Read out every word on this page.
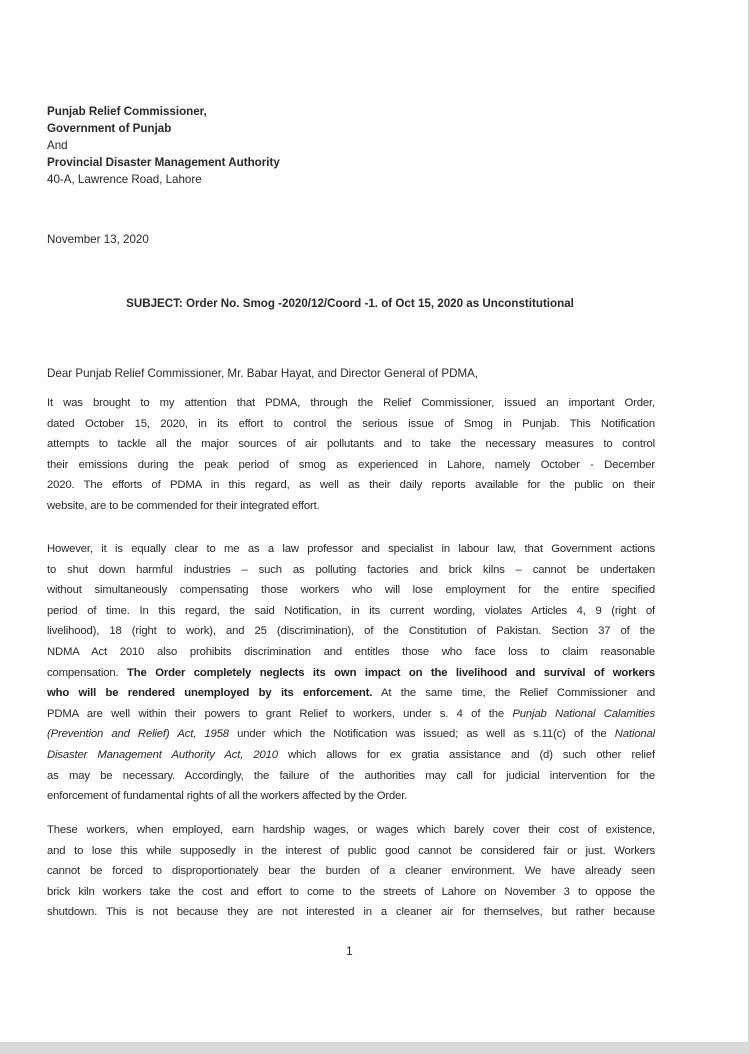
Punjab Relief Commissioner,
Government of Punjab
And
Provincial Disaster Management Authority
40-A, Lawrence Road, Lahore
November 13, 2020
SUBJECT: Order No. Smog -2020/12/Coord -1. of Oct 15, 2020 as Unconstitutional
Dear Punjab Relief Commissioner, Mr. Babar Hayat, and Director General of PDMA,
It was brought to my attention that PDMA, through the Relief Commissioner, issued an important Order,
dated October 15, 2020, in its effort to control the serious issue of Smog in Punjab. This Notification
attempts to tackle all the major sources of air pollutants and to take the necessary measures to control
their emissions during the peak period of smog as experienced in Lahore, namely October - December
2020. The efforts of PDMA in this regard, as well as their daily reports available for the public on their
website, are to be commended for their integrated effort.
However, it is equally clear to me as a law professor and specialist in labour law, that Government actions
to shut down harmful industries – such as polluting factories and brick kilns – cannot be undertaken
without simultaneously compensating those workers who will lose employment for the entire specified
period of time. In this regard, the said Notification, in its current wording, violates Articles 4, 9 (right of
livelihood), 18 (right to work), and 25 (discrimination), of the Constitution of Pakistan. Section 37 of the
NDMA Act 2010 also prohibits discrimination and entitles those who face loss to claim reasonable
compensation. The Order completely neglects its own impact on the livelihood and survival of workers
who will be rendered unemployed by its enforcement. At the same time, the Relief Commissioner and
PDMA are well within their powers to grant Relief to workers, under s. 4 of the Punjab National Calamities
(Prevention and Relief) Act, 1958 under which the Notification was issued; as well as s.11(c) of the National
Disaster Management Authority Act, 2010 which allows for ex gratia assistance and (d) such other relief
as may be necessary. Accordingly, the failure of the authorities may call for judicial intervention for the
enforcement of fundamental rights of all the workers affected by the Order.
These workers, when employed, earn hardship wages, or wages which barely cover their cost of existence,
and to lose this while supposedly in the interest of public good cannot be considered fair or just. Workers
cannot be forced to disproportionately bear the burden of a cleaner environment. We have already seen
brick kiln workers take the cost and effort to come to the streets of Lahore on November 3 to oppose the
shutdown. This is not because they are not interested in a cleaner air for themselves, but rather because
1
